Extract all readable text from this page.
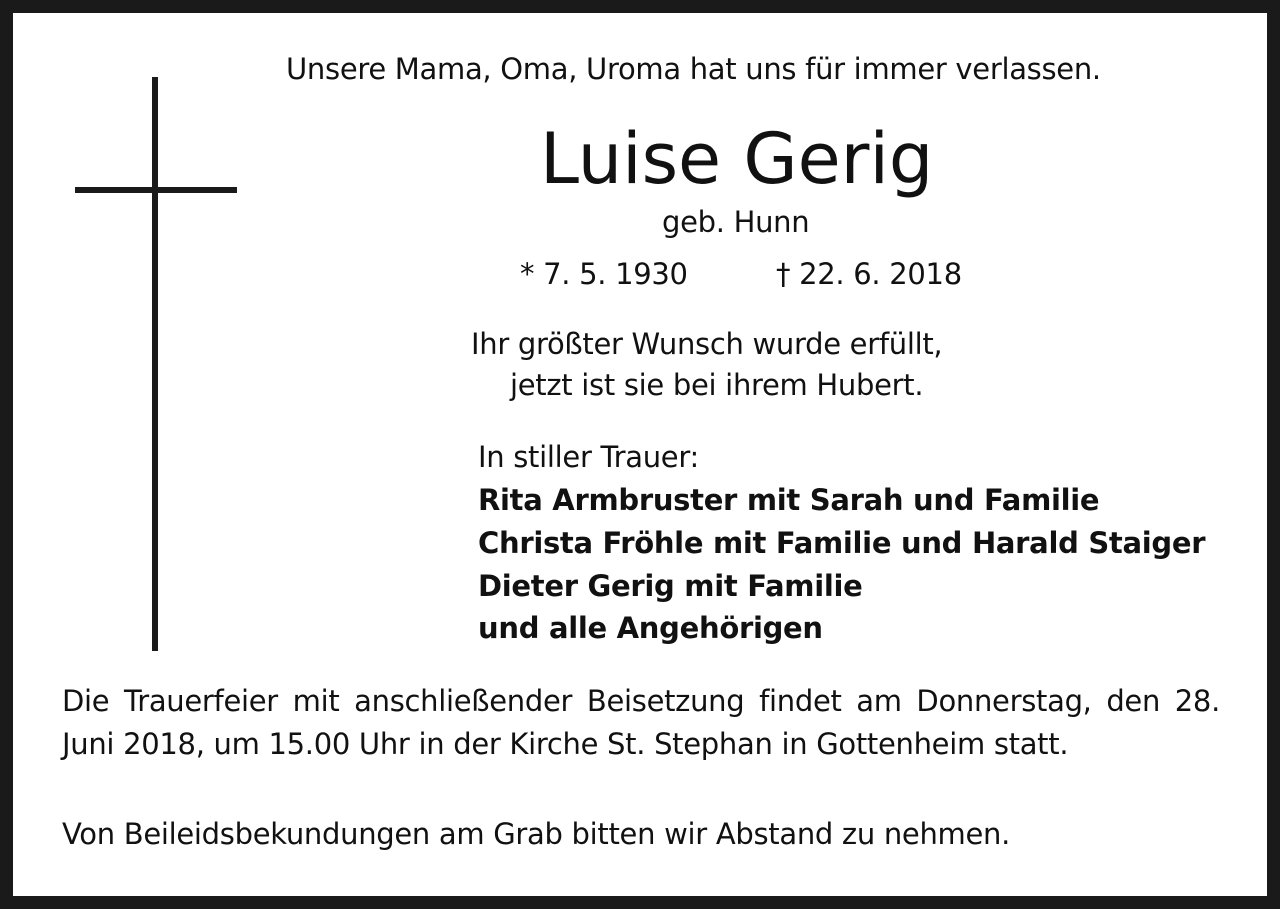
Unsere Mama, Oma, Uroma hat uns für immer verlassen.
Luise Gerig
geb. Hunn
* 7. 5. 1930	† 22. 6. 2018
Ihr größter Wunsch wurde erfüllt,
jetzt ist sie bei ihrem Hubert.
In stiller Trauer:
Rita Armbruster mit Sarah und Familie
Christa Fröhle mit Familie und Harald Staiger
Dieter Gerig mit Familie
und alle Angehörigen
Die Trauerfeier mit anschließender Beisetzung findet am Donnerstag, den 28. Juni 2018, um 15.00 Uhr in der Kirche St. Stephan in Gottenheim statt.
Von Beileidsbekundungen am Grab bitten wir Abstand zu nehmen.
